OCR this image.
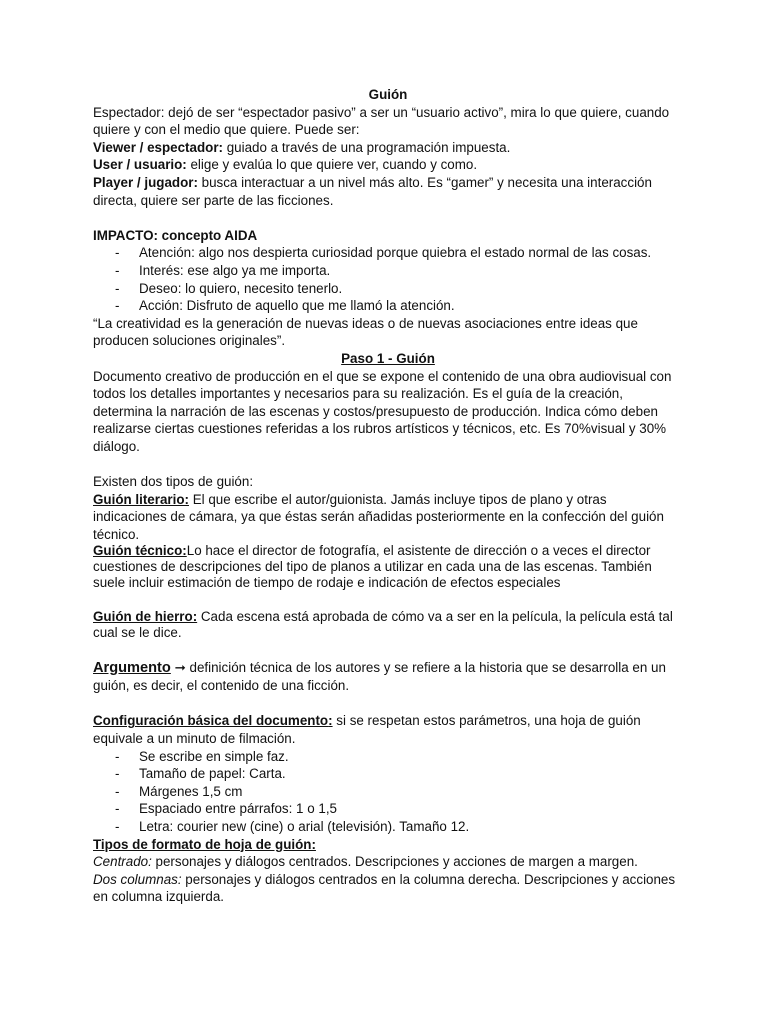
Guión

Espectador: dejó de ser “espectador pasivo” a ser un “usuario activo”, mira lo que quiere, cuando quiere y con el medio que quiere. Puede ser:

Viewer / espectador: guiado a través de una programación impuesta.

User / usuario: elige y evalúa lo que quiere ver, cuando y como.

Player / jugador: busca interactuar a un nivel más alto. Es “gamer” y necesita una interacción directa, quiere ser parte de las ficciones.

IMPACTO: concepto AIDA

- Atención: algo nos despierta curiosidad porque quiebra el estado normal de las cosas.
- Interés: ese algo ya me importa.
- Deseo: lo quiero, necesito tenerlo.
- Acción: Disfruto de aquello que me llamó la atención.

“La creatividad es la generación de nuevas ideas o de nuevas asociaciones entre ideas que producen soluciones originales”.

Paso 1 - Guión

Documento creativo de producción en el que se expone el contenido de una obra audiovisual con todos los detalles importantes y necesarios para su realización. Es el guía de la creación, determina la narración de las escenas y costos/presupuesto de producción. Indica cómo deben realizarse ciertas cuestiones referidas a los rubros artísticos y técnicos, etc. Es 70%visual y 30% diálogo.

Existen dos tipos de guión:

Guión literario: El que escribe el autor/guionista. Jamás incluye tipos de plano y otras indicaciones de cámara, ya que éstas serán añadidas posteriormente en la confección del guión técnico.

Guión técnico:Lo hace el director de fotografía, el asistente de dirección o a veces el director cuestiones de descripciones del tipo de planos a utilizar en cada una de las escenas. También suele incluir estimación de tiempo de rodaje e indicación de efectos especiales

Guión de hierro: Cada escena está aprobada de cómo va a ser en la película, la película está tal cual se le dice.

Argumento ➞ definición técnica de los autores y se refiere a la historia que se desarrolla en un guión, es decir, el contenido de una ficción.

Configuración básica del documento: si se respetan estos parámetros, una hoja de guión equivale a un minuto de filmación.

- Se escribe en simple faz.
- Tamaño de papel: Carta.
- Márgenes 1,5 cm
- Espaciado entre párrafos: 1 o 1,5
- Letra: courier new (cine) o arial (televisión). Tamaño 12.

Tipos de formato de hoja de guión:

Centrado: personajes y diálogos centrados. Descripciones y acciones de margen a margen.

Dos columnas: personajes y diálogos centrados en la columna derecha. Descripciones y acciones en columna izquierda.
